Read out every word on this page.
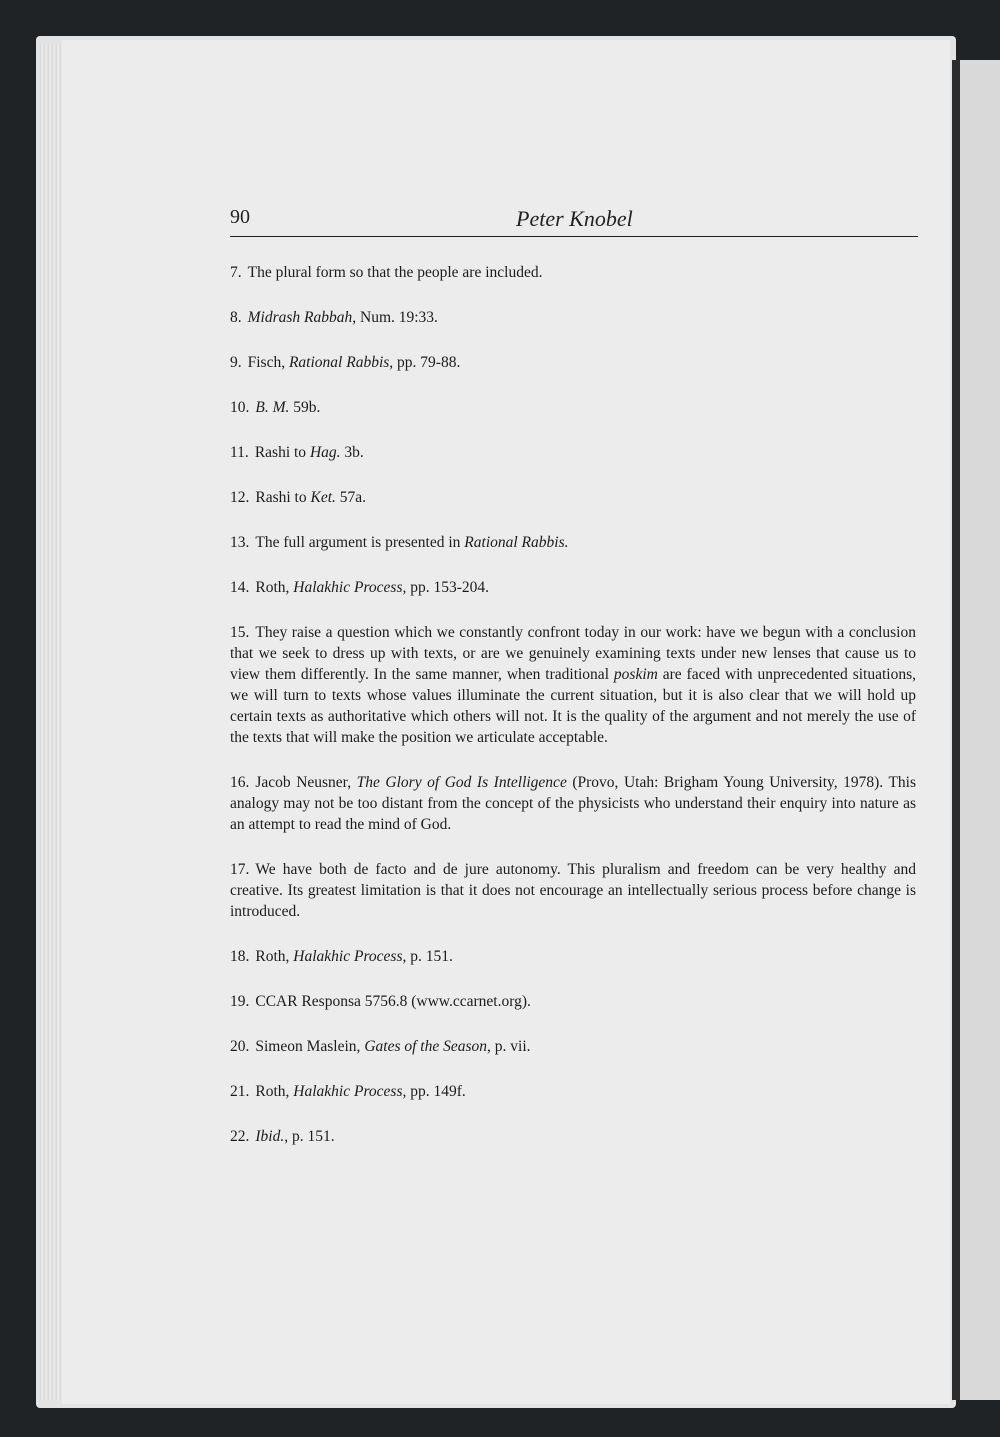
90	Peter Knobel

7. The plural form so that the people are included.

8. Midrash Rabbah, Num. 19:33.

9. Fisch, Rational Rabbis, pp. 79-88.

10. B. M. 59b.

11. Rashi to Hag. 3b.

12. Rashi to Ket. 57a.

13. The full argument is presented in Rational Rabbis.

14. Roth, Halakhic Process, pp. 153-204.

15. They raise a question which we constantly confront today in our work: have we begun with a conclusion that we seek to dress up with texts, or are we genuinely examining texts under new lenses that cause us to view them differently. In the same manner, when traditional poskim are faced with unprecedented situations, we will turn to texts whose values illuminate the current situation, but it is also clear that we will hold up certain texts as authoritative which others will not. It is the quality of the argument and not merely the use of the texts that will make the position we articulate acceptable.

16. Jacob Neusner, The Glory of God Is Intelligence (Provo, Utah: Brigham Young University, 1978). This analogy may not be too distant from the concept of the physicists who understand their enquiry into nature as an attempt to read the mind of God.

17. We have both de facto and de jure autonomy. This pluralism and freedom can be very healthy and creative. Its greatest limitation is that it does not encourage an intellectually serious process before change is introduced.

18. Roth, Halakhic Process, p. 151.

19. CCAR Responsa 5756.8 (www.ccarnet.org).

20. Simeon Maslein, Gates of the Season, p. vii.

21. Roth, Halakhic Process, pp. 149f.

22. Ibid., p. 151.
